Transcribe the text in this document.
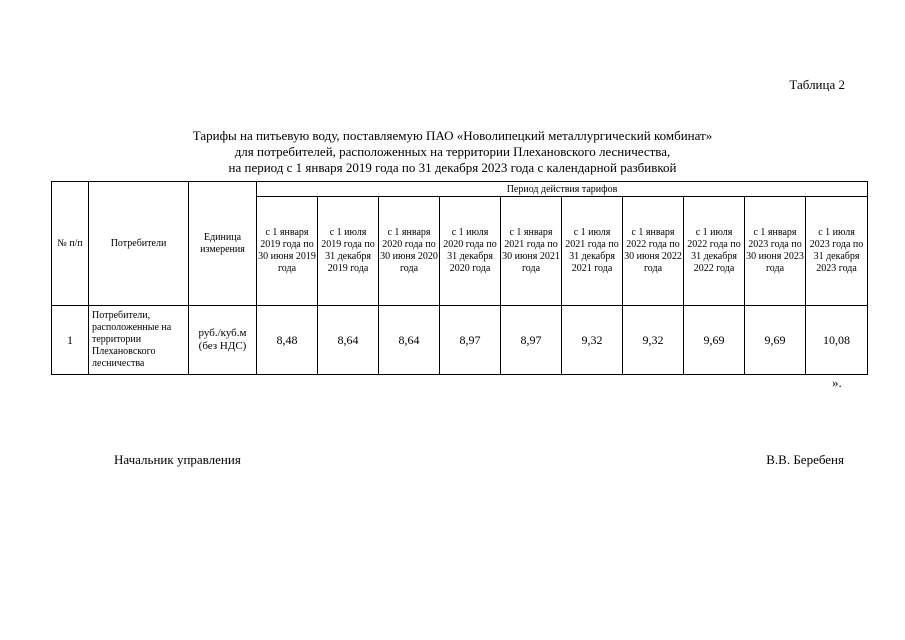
Таблица 2
Тарифы на питьевую воду, поставляемую ПАО «Новолипецкий металлургический комбинат»
для потребителей, расположенных на территории Плехановского лесничества,
на период с 1 января 2019 года по 31 декабря 2023 года с календарной разбивкой
№ п/п	Потребители	Единица измерения	Период действия тарифов									
			с 1 января 2019 года по 30 июня 2019 года	с 1 июля 2019 года по 31 декабря 2019 года	с 1 января 2020 года по 30 июня 2020 года	с 1 июля 2020 года по 31 декабря 2020 года	с 1 января 2021 года по 30 июня 2021 года	с 1 июля 2021 года по 31 декабря 2021 года	с 1 января 2022 года по 30 июня 2022 года	с 1 июля 2022 года по 31 декабря 2022 года	с 1 января 2023 года по 30 июня 2023 года	с 1 июля 2023 года по 31 декабря 2023 года
1	Потребители, расположенные на территории Плехановского лесничества	руб./куб.м (без НДС)	8,48	8,64	8,64	8,97	8,97	9,32	9,32	9,69	9,69	10,08
».
Начальник управления	В.В. Беребеня
